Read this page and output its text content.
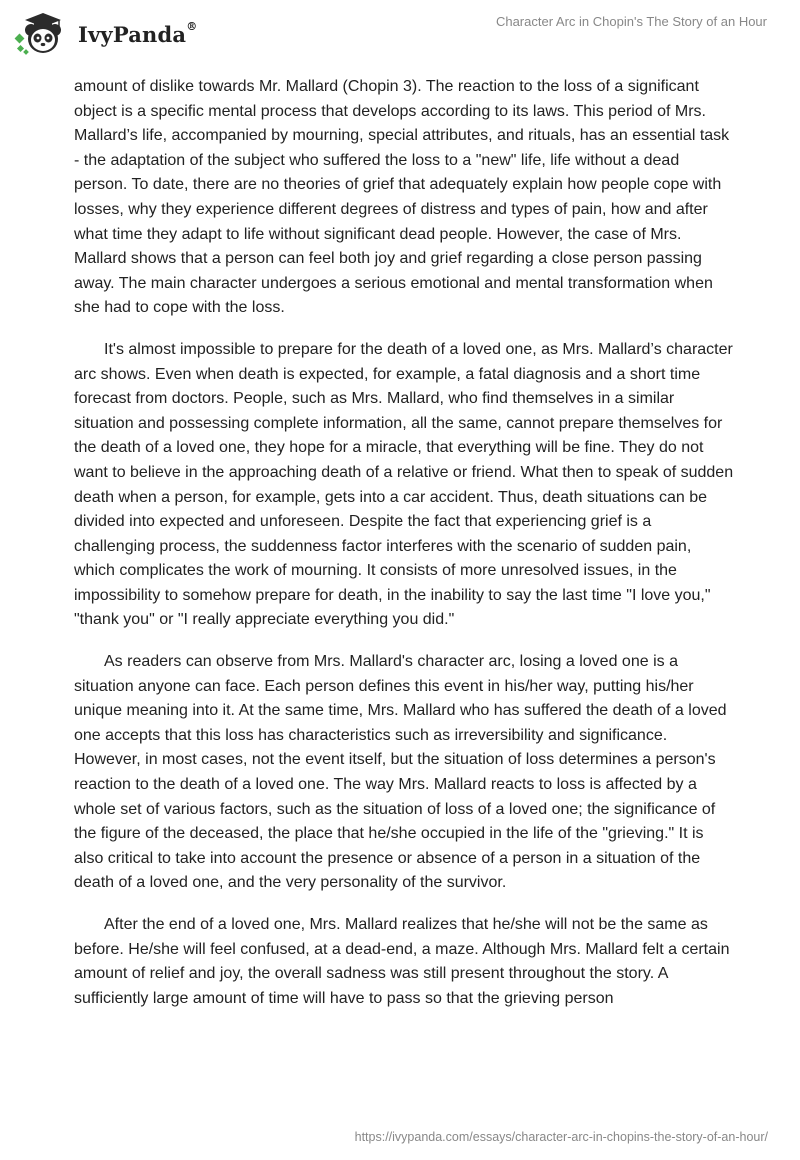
IvyPanda®	Character Arc in Chopin's The Story of an Hour

amount of dislike towards Mr. Mallard (Chopin 3). The reaction to the loss of a significant object is a specific mental process that develops according to its laws. This period of Mrs. Mallard’s life, accompanied by mourning, special attributes, and rituals, has an essential task - the adaptation of the subject who suffered the loss to a "new" life, life without a dead person. To date, there are no theories of grief that adequately explain how people cope with losses, why they experience different degrees of distress and types of pain, how and after what time they adapt to life without significant dead people. However, the case of Mrs. Mallard shows that a person can feel both joy and grief regarding a close person passing away. The main character undergoes a serious emotional and mental transformation when she had to cope with the loss.

It's almost impossible to prepare for the death of a loved one, as Mrs. Mallard’s character arc shows. Even when death is expected, for example, a fatal diagnosis and a short time forecast from doctors. People, such as Mrs. Mallard, who find themselves in a similar situation and possessing complete information, all the same, cannot prepare themselves for the death of a loved one, they hope for a miracle, that everything will be fine. They do not want to believe in the approaching death of a relative or friend. What then to speak of sudden death when a person, for example, gets into a car accident. Thus, death situations can be divided into expected and unforeseen. Despite the fact that experiencing grief is a challenging process, the suddenness factor interferes with the scenario of sudden pain, which complicates the work of mourning. It consists of more unresolved issues, in the impossibility to somehow prepare for death, in the inability to say the last time "I love you," "thank you" or "I really appreciate everything you did."

As readers can observe from Mrs. Mallard's character arc, losing a loved one is a situation anyone can face. Each person defines this event in his/her way, putting his/her unique meaning into it. At the same time, Mrs. Mallard who has suffered the death of a loved one accepts that this loss has characteristics such as irreversibility and significance. However, in most cases, not the event itself, but the situation of loss determines a person's reaction to the death of a loved one. The way Mrs. Mallard reacts to loss is affected by a whole set of various factors, such as the situation of loss of a loved one; the significance of the figure of the deceased, the place that he/she occupied in the life of the "grieving." It is also critical to take into account the presence or absence of a person in a situation of the death of a loved one, and the very personality of the survivor.

After the end of a loved one, Mrs. Mallard realizes that he/she will not be the same as before. He/she will feel confused, at a dead-end, a maze. Although Mrs. Mallard felt a certain amount of relief and joy, the overall sadness was still present throughout the story. A sufficiently large amount of time will have to pass so that the grieving person

https://ivypanda.com/essays/character-arc-in-chopins-the-story-of-an-hour/
